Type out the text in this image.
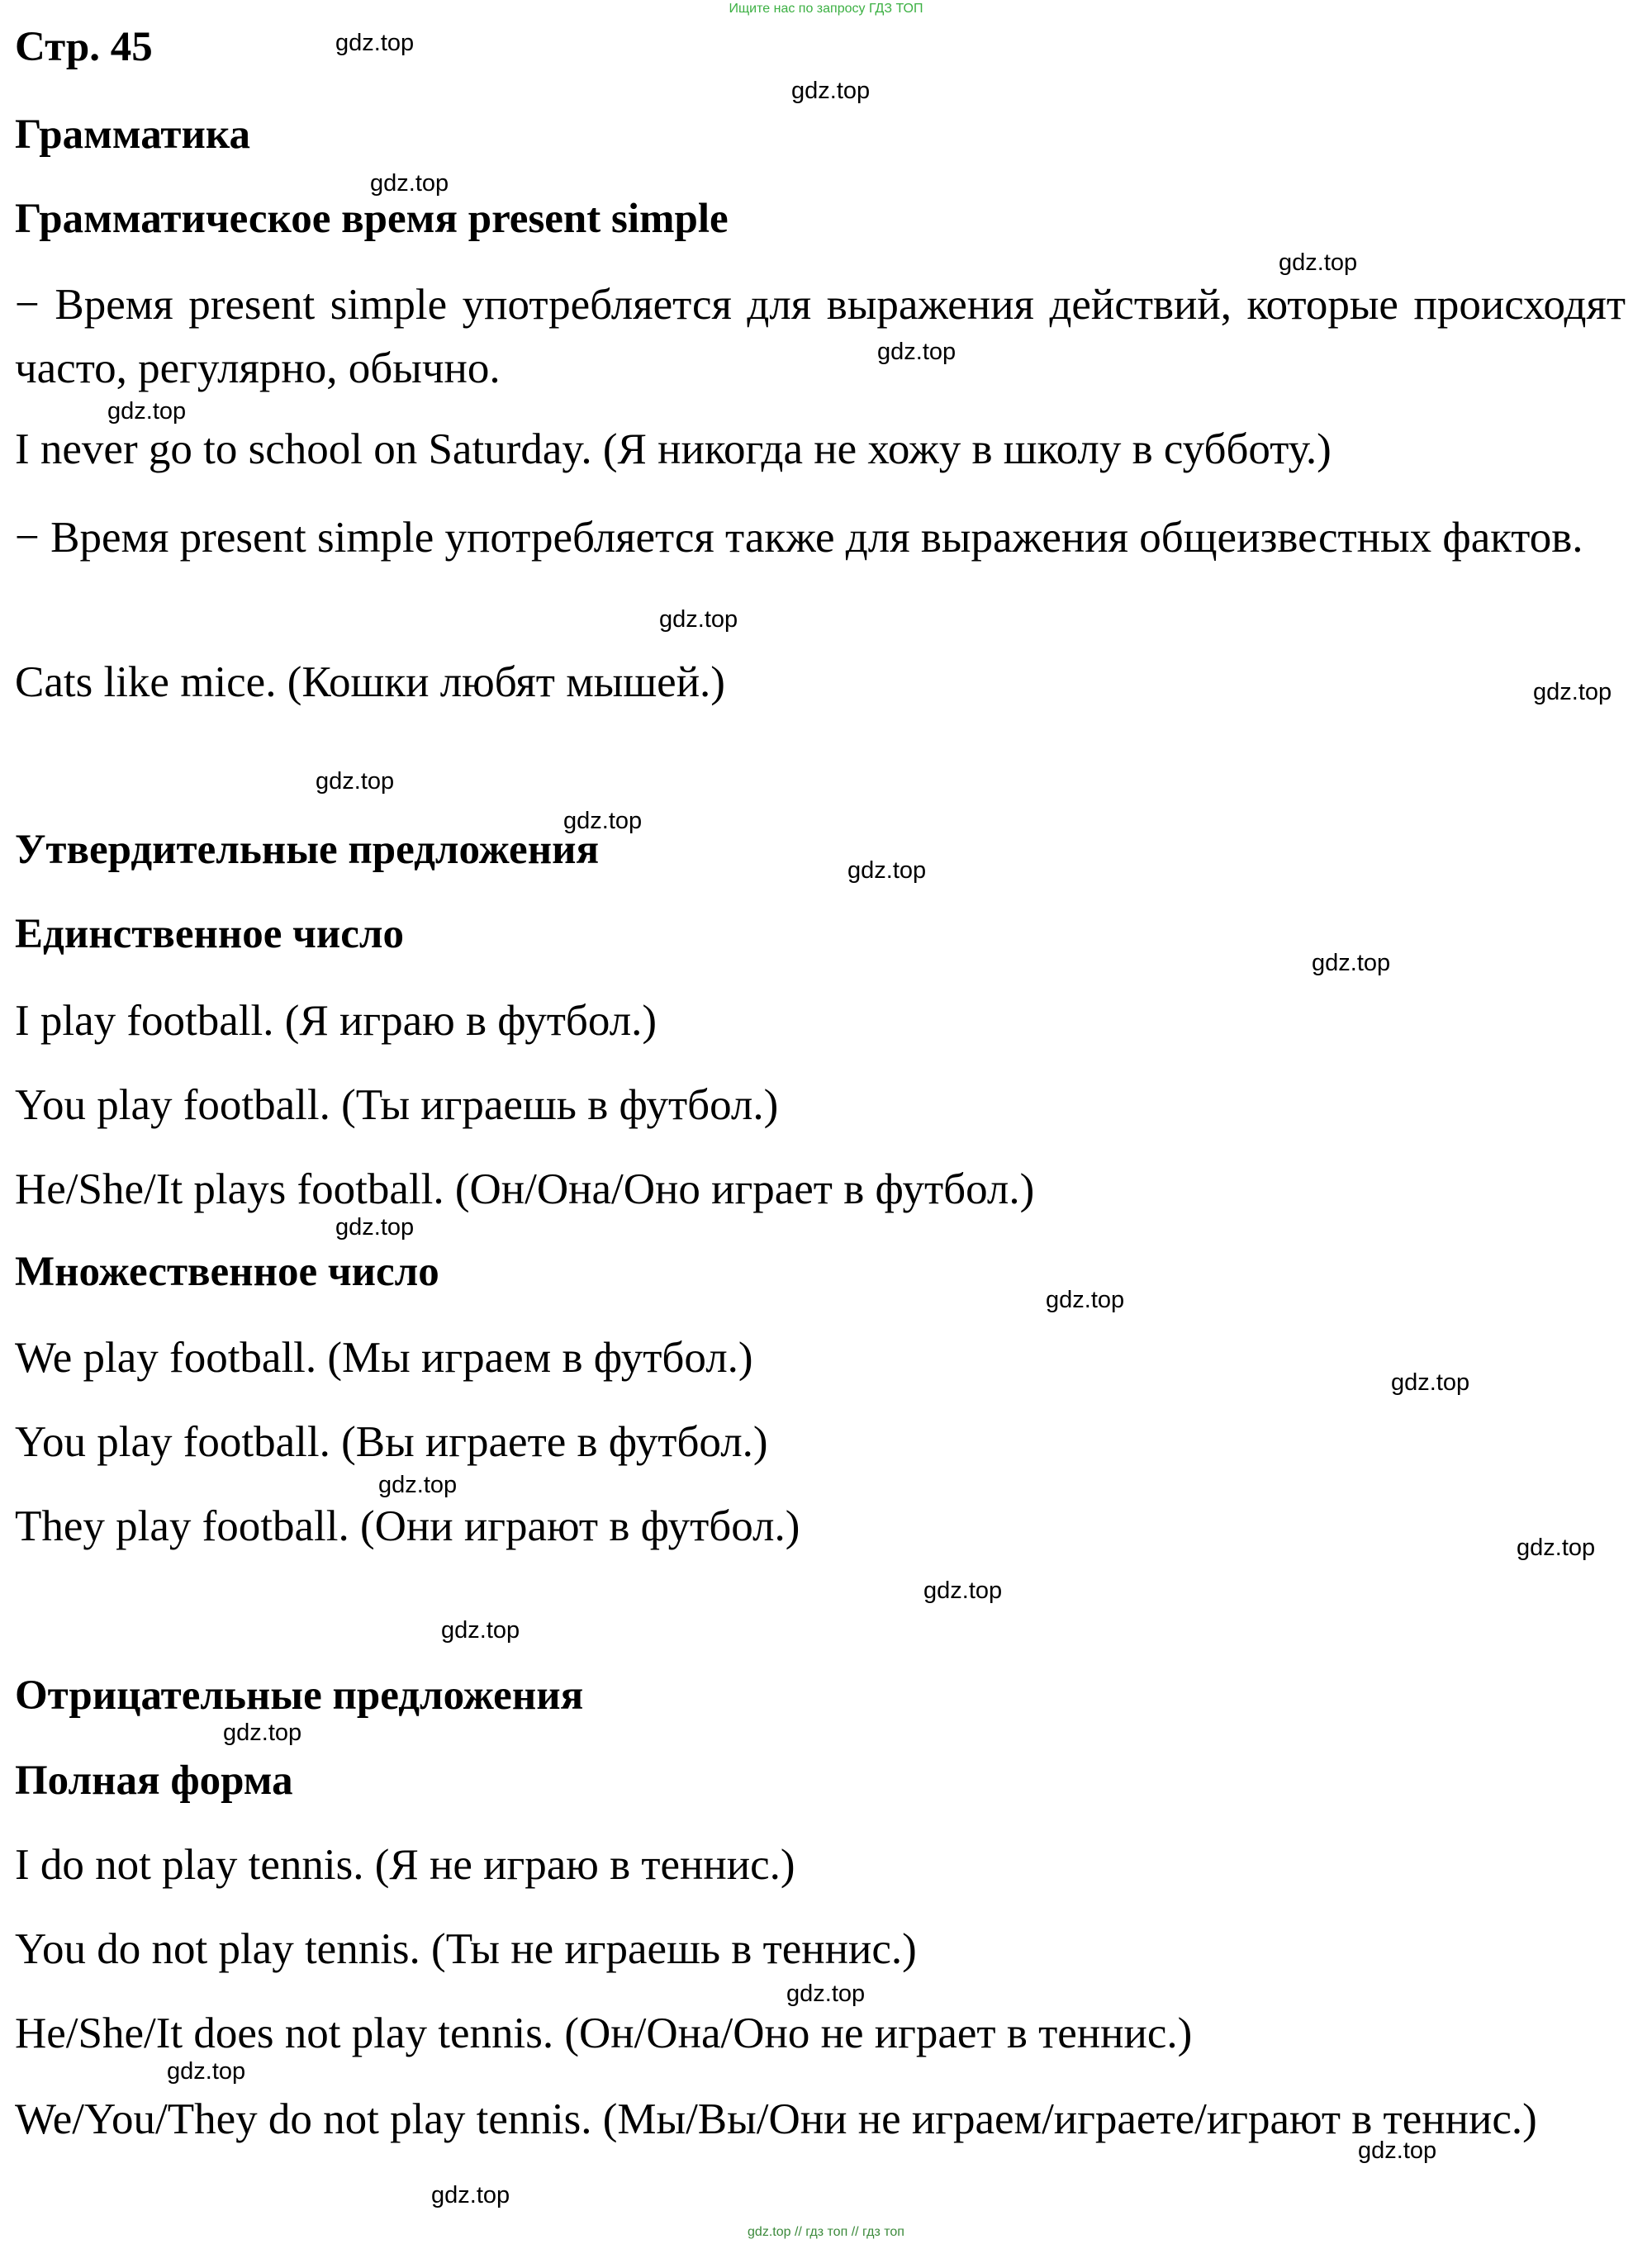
Ищите нас по запросу ГДЗ ТОП
Стр. 45
Грамматика
Грамматическое время present simple
− Время present simple употребляется для выражения действий, которые происходят часто, регулярно, обычно.
I never go to school on Saturday. (Я никогда не хожу в школу в субботу.)
− Время present simple употребляется также для выражения общеизвестных фактов.
Cats like mice. (Кошки любят мышей.)
Утвердительные предложения
Единственное число
I play football. (Я играю в футбол.)
You play football. (Ты играешь в футбол.)
He/She/It plays football. (Он/Она/Оно играет в футбол.)
Множественное число
We play football. (Мы играем в футбол.)
You play football. (Вы играете в футбол.)
They play football. (Они играют в футбол.)
Отрицательные предложения
Полная форма
I do not play tennis. (Я не играю в теннис.)
You do not play tennis. (Ты не играешь в теннис.)
He/She/It does not play tennis. (Он/Она/Оно не играет в теннис.)
We/You/They do not play tennis. (Мы/Вы/Они не играем/играете/играют в теннис.)
gdz.top
gdz.top
gdz.top
gdz.top
gdz.top
gdz.top
gdz.top
gdz.top
gdz.top
gdz.top
gdz.top
gdz.top
gdz.top
gdz.top
gdz.top
gdz.top
gdz.top
gdz.top
gdz.top
gdz.top
gdz.top
gdz.top
gdz.top
gdz.top
gdz.top // гдз топ // гдз топ
